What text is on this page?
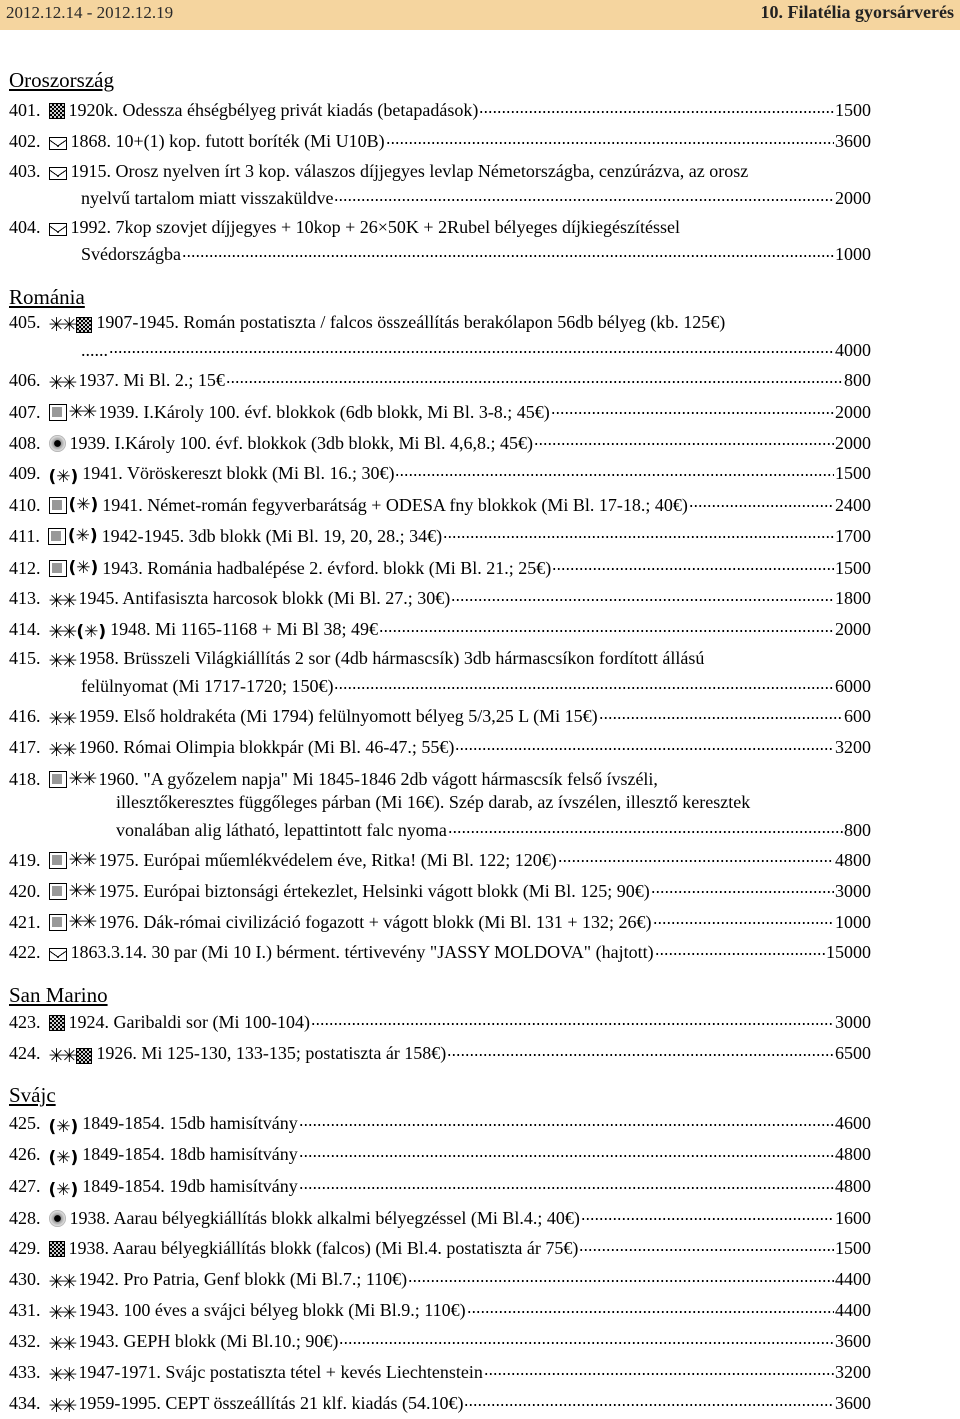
2012.12.14 - 2012.12.19	10. Filatélia gyorsárverés
Oroszország
Románia
San Marino
Svájc
401. 1920k. Odessza éhségbélyeg privát kiadás (betapadások)	1500
402. 1868. 10+(1) kop. futott boríték (Mi U10B)	3600
403. 1915. Orosz nyelven írt 3 kop. válaszos díjjegyes levlap Németországba, cenzúrázva, az orosz
nyelvű tartalom miatt visszaküldve	2000
404. 1992. 7kop szovjet díjjegyes + 10kop + 26×50K + 2Rubel bélyeges díjkiegészítéssel
Svédországba	1000
405. ✳✳ 1907-1945. Román postatiszta / falcos összeállítás berakólapon 56db bélyeg (kb. 125€)
......	4000
406. ✳✳ 1937. Mi Bl. 2.; 15€	800
407. ✳✳ 1939. I.Károly 100. évf. blokkok (6db blokk, Mi Bl. 3-8.; 45€)	2000
408. 1939. I.Károly 100. évf. blokkok (3db blokk, Mi Bl. 4,6,8.; 45€)	2000
409. (✳) 1941. Vöröskereszt blokk (Mi Bl. 16.; 30€)	1500
410. (✳) 1941. Német-román fegyverbarátság + ODESA fny blokkok (Mi Bl. 17-18.; 40€)	2400
411. (✳) 1942-1945. 3db blokk (Mi Bl. 19, 20, 28.; 34€)	1700
412. (✳) 1943. Románia hadbalépése 2. évford. blokk (Mi Bl. 21.; 25€)	1500
413. ✳✳ 1945. Antifasiszta harcosok blokk (Mi Bl. 27.; 30€)	1800
414. ✳✳ (✳) 1948. Mi 1165-1168 + Mi Bl 38; 49€	2000
415. ✳✳ 1958. Brüsszeli Világkiállítás 2 sor (4db hármascsík) 3db hármascsíkon fordított állású
felülnyomat (Mi 1717-1720; 150€)	6000
416. ✳✳ 1959. Első holdrakéta (Mi 1794) felülnyomott bélyeg 5/3,25 L (Mi 15€)	600
417. ✳✳ 1960. Római Olimpia blokkpár (Mi Bl. 46-47.; 55€)	3200
418. ✳✳ 1960. "A győzelem napja" Mi 1845-1846 2db vágott hármascsík felső ívszéli,
illesztőkeresztes függőleges párban (Mi 16€). Szép darab, az ívszélen, illesztő keresztek
vonalában alig látható, lepattintott falc nyoma	800
419. ✳✳ 1975. Európai műemlékvédelem éve, Ritka! (Mi Bl. 122; 120€)	4800
420. ✳✳ 1975. Európai biztonsági értekezlet, Helsinki vágott blokk (Mi Bl. 125; 90€)	3000
421. ✳✳ 1976. Dák-római civilizáció fogazott + vágott blokk (Mi Bl. 131 + 132; 26€)	1000
422. 1863.3.14. 30 par (Mi 10 I.) bérment. tértivevény "JASSY MOLDOVA" (hajtott)	15000
423. 1924. Garibaldi sor (Mi 100-104)	3000
424. ✳✳ 1926. Mi 125-130, 133-135; postatiszta ár 158€)	6500
425. (✳) 1849-1854. 15db hamisítvány	4600
426. (✳) 1849-1854. 18db hamisítvány	4800
427. (✳) 1849-1854. 19db hamisítvány	4800
428. 1938. Aarau bélyegkiállítás blokk alkalmi bélyegzéssel (Mi Bl.4.; 40€)	1600
429. 1938. Aarau bélyegkiállítás blokk (falcos) (Mi Bl.4. postatiszta ár 75€)	1500
430. ✳✳ 1942. Pro Patria, Genf blokk (Mi Bl.7.; 110€)	4400
431. ✳✳ 1943. 100 éves a svájci bélyeg blokk (Mi Bl.9.; 110€)	4400
432. ✳✳ 1943. GEPH blokk (Mi Bl.10.; 90€)	3600
433. ✳✳ 1947-1971. Svájc postatiszta tétel + kevés Liechtenstein	3200
434. ✳✳ 1959-1995. CEPT összeállítás 21 klf. kiadás (54.10€)	3600
